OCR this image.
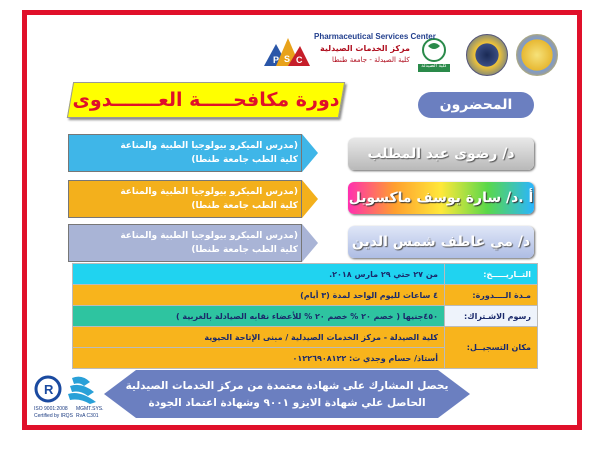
كلية الصيدلة
P S C
Pharmaceutical Services Center
مركز الخدمات الصيدلية
كلية الصيدلة - جامعة طنطا
دورة مكافحـــــة العـــــــدوى	المحضرون
(مدرس الميكرو بيولوجيا الطبية والمناعة
كلية الطب جامعة طنطا)	د/ رضوى عبد المطلب
(مدرس الميكرو بيولوجيا الطبية والمناعة
كلية الطب جامعة طنطا)	أ .د/ سارة يوسف ماكسويل
(مدرس الميكرو بيولوجيا الطبية والمناعة
كلية الطب جامعة طنطا)	د/ مي عاطف شمس الدين
التــاريـــــخ:	من ٢٧ حتي ٢٩ مارس ٢٠١٨.
مـدة الــــدورة:	٤ ساعات لليوم الواحد لمدة (٣ أيام)
رسوم الاشـتراك:	٤٥٠جنيها ( خصم ٢٠ % خصم ٢٠ % للأعضاء نقابه الصيادلة بالغربية )
مكان التسجيــل:	كلية الصيدلة - مركز الخدمات الصيدلية / مبنى الإتاحة الحيوية
	أستاذ/ حسام وجدي ت: ٠١٢٢٦٩٠٨١٢٢
يحصل المشارك على شهادة معتمدة من مركز الخدمات الصيدلية
الحاصل علي شهادة الايزو ٩٠٠١ وشهادة اعتماد الجودة
R
ISO 9001:2008
Certified by IRQS
MGMT.SYS.
RvA C301
